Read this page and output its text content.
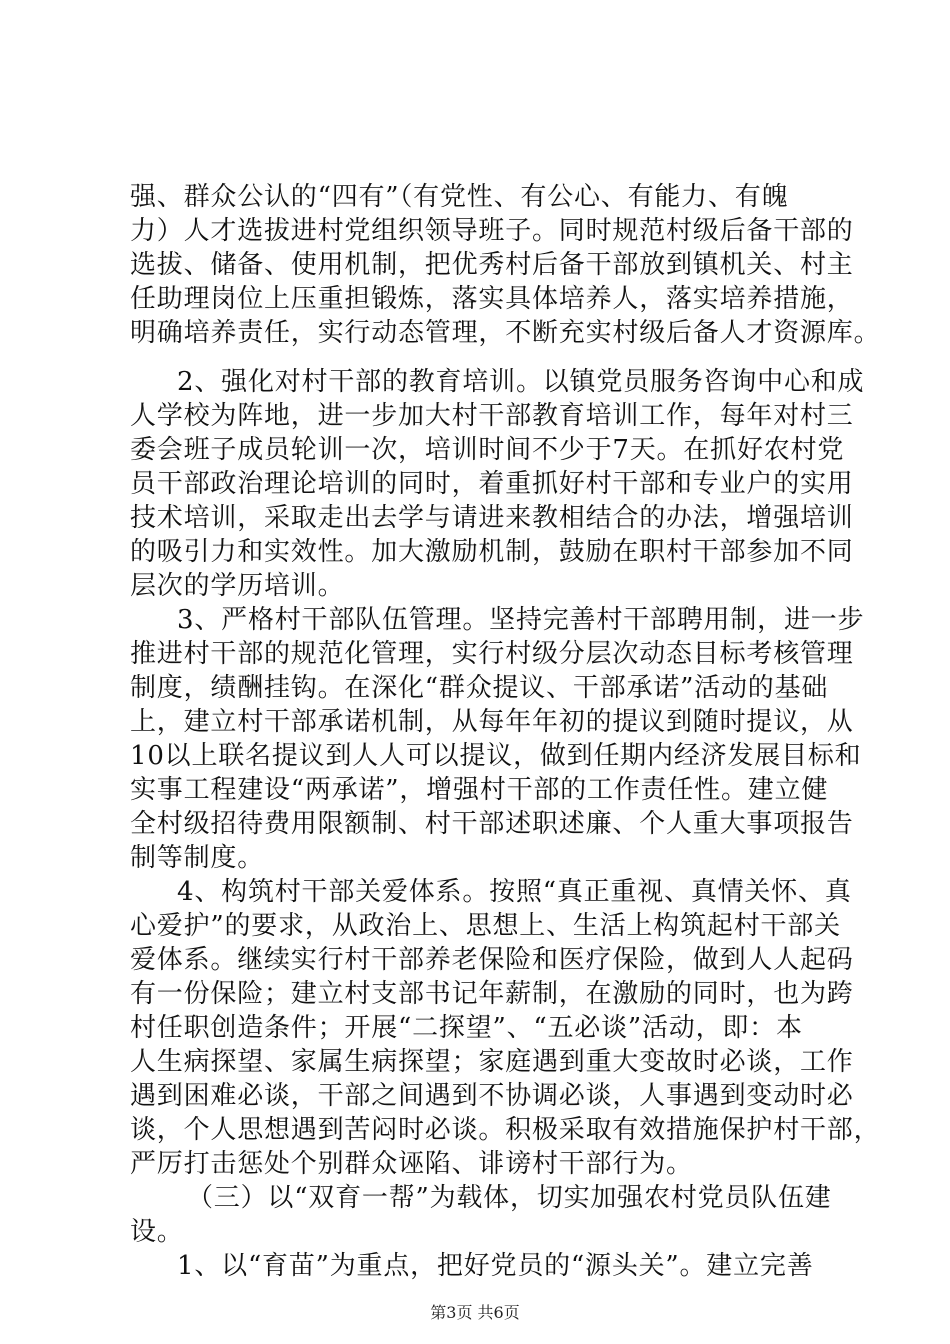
强、群众公认的“四有”（有党性、有公心、有能力、有魄
力）人才选拔进村党组织领导班子。同时规范村级后备干部的
选拔、储备、使用机制，把优秀村后备干部放到镇机关、村主
任助理岗位上压重担锻炼，落实具体培养人，落实培养措施，
明确培养责任，实行动态管理，不断充实村级后备人才资源库。
2、强化对村干部的教育培训。以镇党员服务咨询中心和成
人学校为阵地，进一步加大村干部教育培训工作，每年对村三
委会班子成员轮训一次，培训时间不少于7天。在抓好农村党
员干部政治理论培训的同时，着重抓好村干部和专业户的实用
技术培训，采取走出去学与请进来教相结合的办法，增强培训
的吸引力和实效性。加大激励机制，鼓励在职村干部参加不同
层次的学历培训。
3、严格村干部队伍管理。坚持完善村干部聘用制，进一步
推进村干部的规范化管理，实行村级分层次动态目标考核管理
制度，绩酬挂钩。在深化“群众提议、干部承诺”活动的基础
上，建立村干部承诺机制，从每年年初的提议到随时提议，从
10以上联名提议到人人可以提议，做到任期内经济发展目标和
实事工程建设“两承诺”，增强村干部的工作责任性。建立健
全村级招待费用限额制、村干部述职述廉、个人重大事项报告
制等制度。
4、构筑村干部关爱体系。按照“真正重视、真情关怀、真
心爱护”的要求，从政治上、思想上、生活上构筑起村干部关
爱体系。继续实行村干部养老保险和医疗保险，做到人人起码
有一份保险；建立村支部书记年薪制，在激励的同时，也为跨
村任职创造条件；开展“二探望”、“五必谈”活动，即：本
人生病探望、家属生病探望；家庭遇到重大变故时必谈，工作
遇到困难必谈，干部之间遇到不协调必谈，人事遇到变动时必
谈，个人思想遇到苦闷时必谈。积极采取有效措施保护村干部，
严厉打击惩处个别群众诬陷、诽谤村干部行为。
（三）以“双育一帮”为载体，切实加强农村党员队伍建
设。
1、以“育苗”为重点，把好党员的“源头关”。建立完善
第3页 共6页
